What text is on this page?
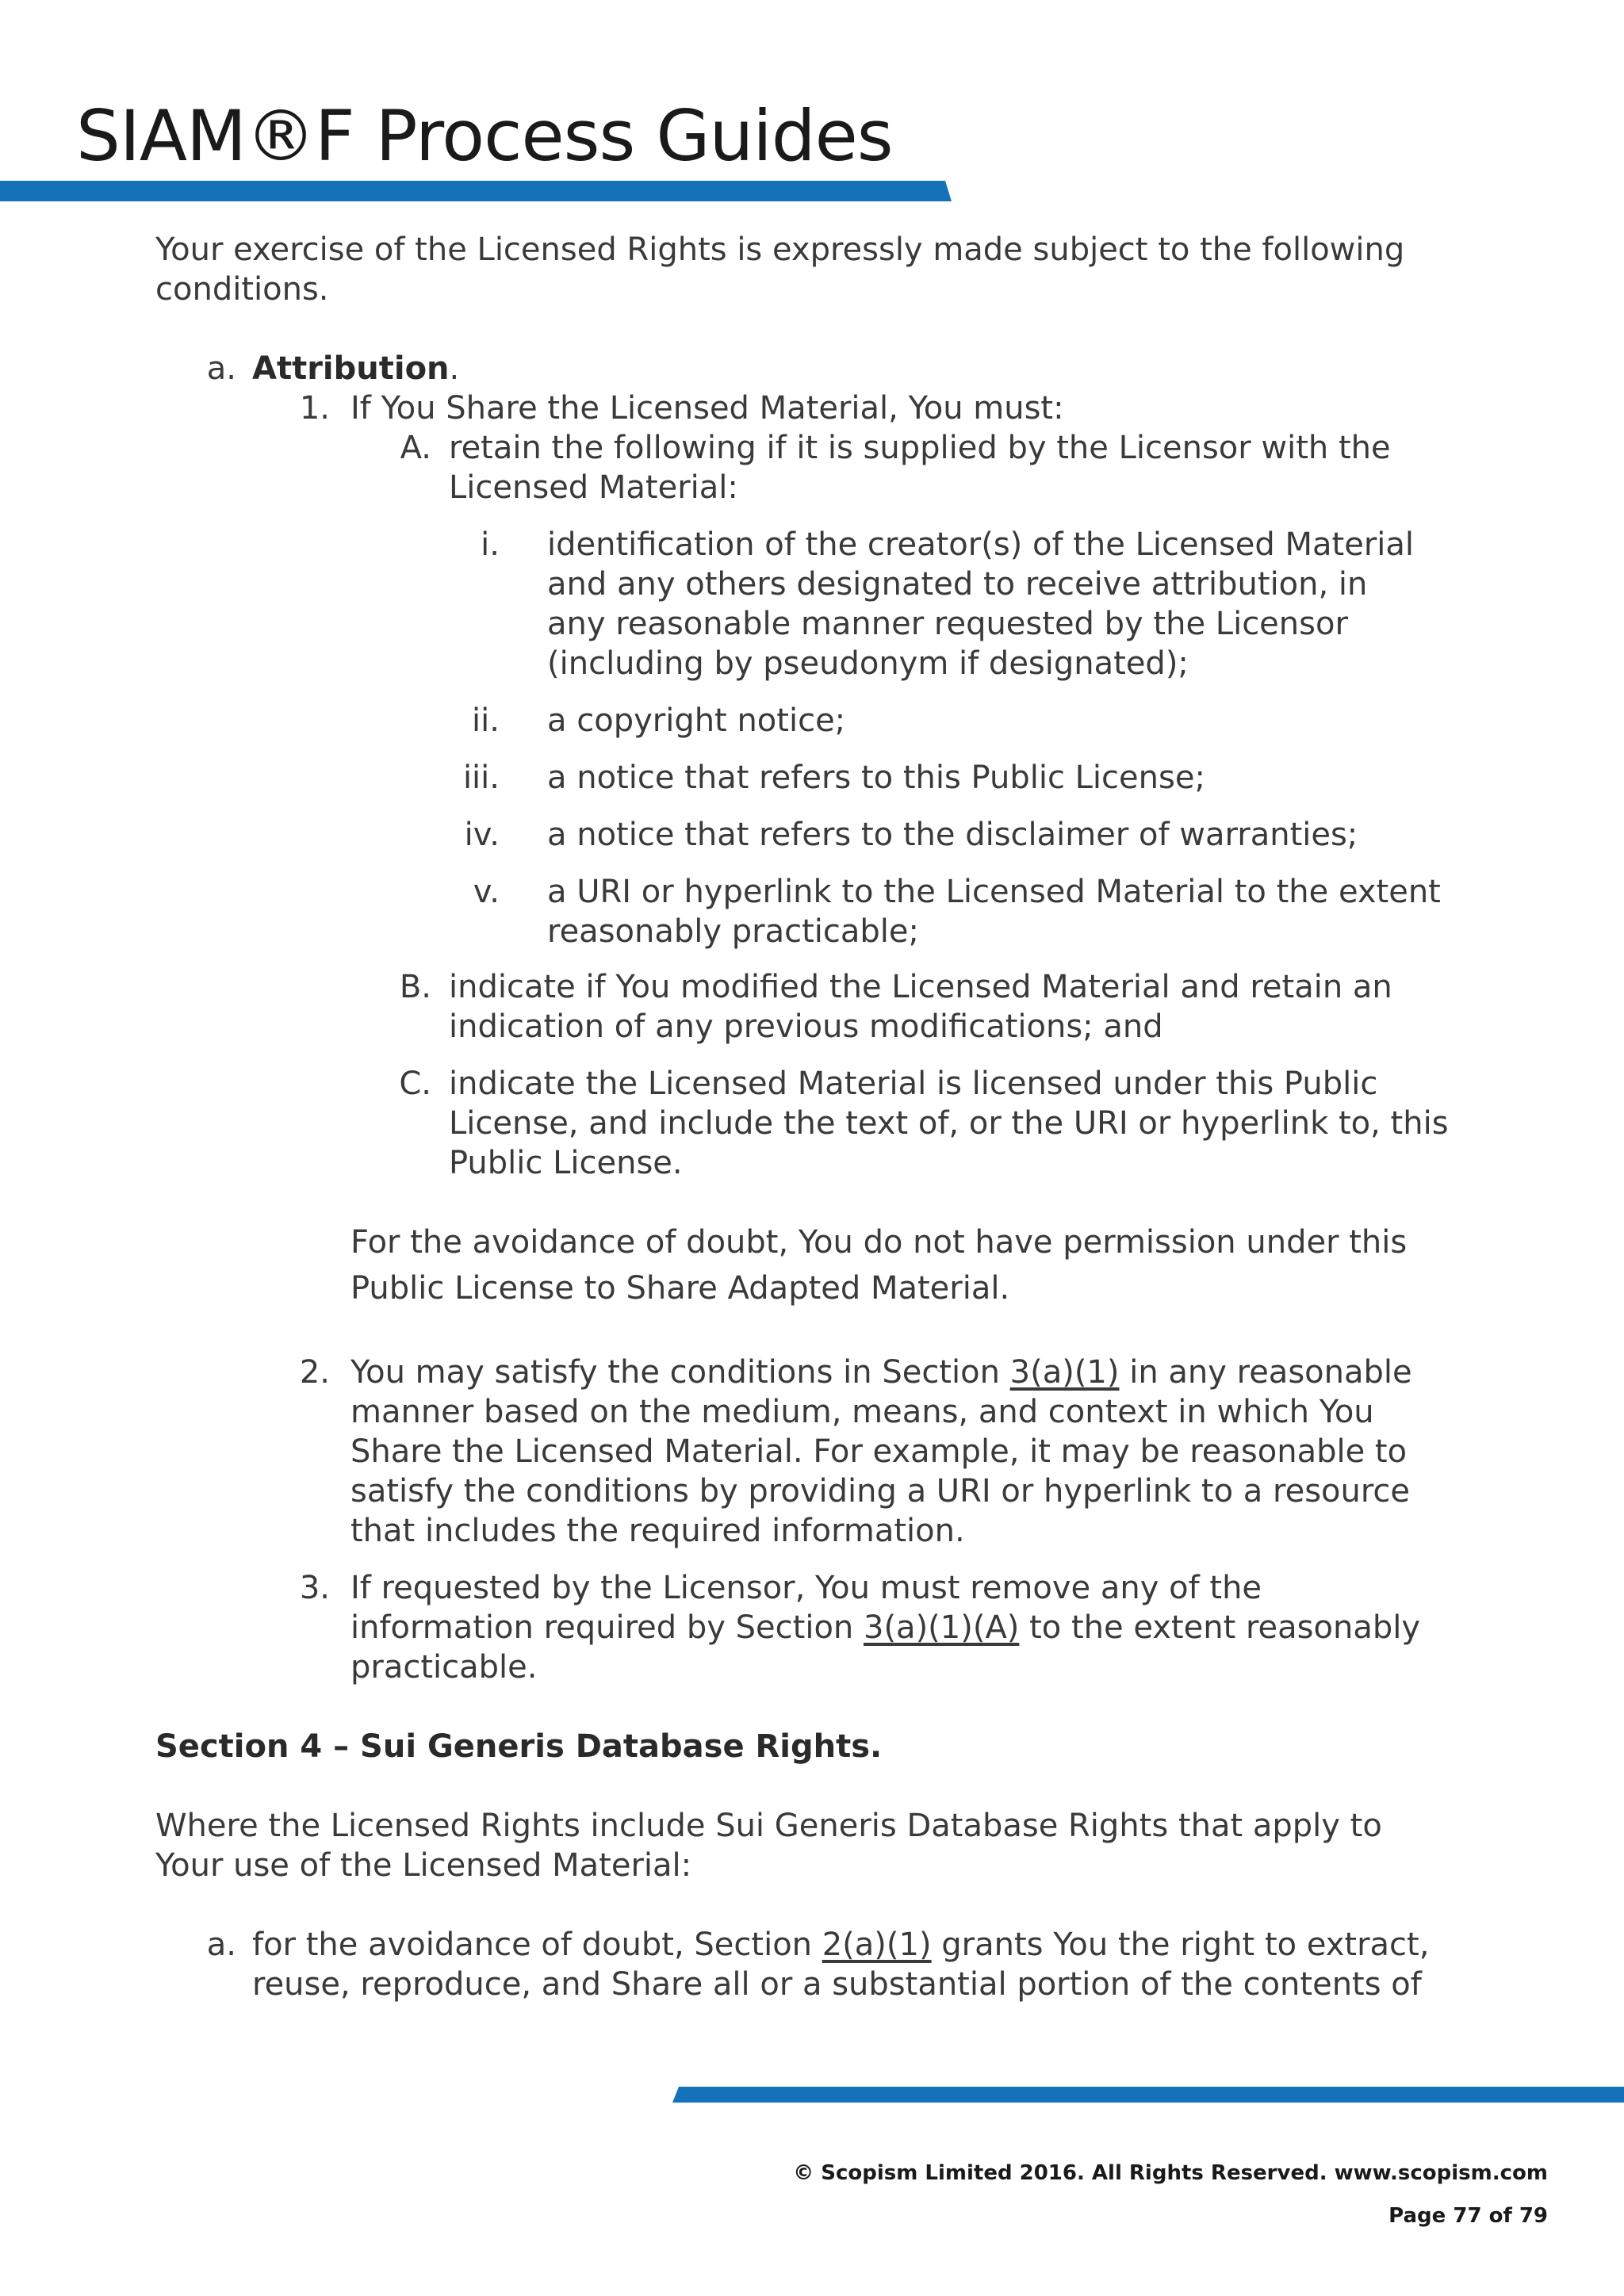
SIAM®F Process Guides
Your exercise of the Licensed Rights is expressly made subject to the following
conditions.
a. Attribution.
1. If You Share the Licensed Material, You must:
A. retain the following if it is supplied by the Licensor with the
Licensed Material:
i. identification of the creator(s) of the Licensed Material
and any others designated to receive attribution, in
any reasonable manner requested by the Licensor
(including by pseudonym if designated);
ii. a copyright notice;
iii. a notice that refers to this Public License;
iv. a notice that refers to the disclaimer of warranties;
v. a URI or hyperlink to the Licensed Material to the extent
reasonably practicable;
B. indicate if You modified the Licensed Material and retain an
indication of any previous modifications; and
C. indicate the Licensed Material is licensed under this Public
License, and include the text of, or the URI or hyperlink to, this
Public License.
For the avoidance of doubt, You do not have permission under this
Public License to Share Adapted Material.
2. You may satisfy the conditions in Section 3(a)(1) in any reasonable
manner based on the medium, means, and context in which You
Share the Licensed Material. For example, it may be reasonable to
satisfy the conditions by providing a URI or hyperlink to a resource
that includes the required information.
3. If requested by the Licensor, You must remove any of the
information required by Section 3(a)(1)(A) to the extent reasonably
practicable.
Section 4 – Sui Generis Database Rights.
Where the Licensed Rights include Sui Generis Database Rights that apply to
Your use of the Licensed Material:
a. for the avoidance of doubt, Section 2(a)(1) grants You the right to extract,
reuse, reproduce, and Share all or a substantial portion of the contents of
© Scopism Limited 2016. All Rights Reserved. www.scopism.com
Page 77 of 79
